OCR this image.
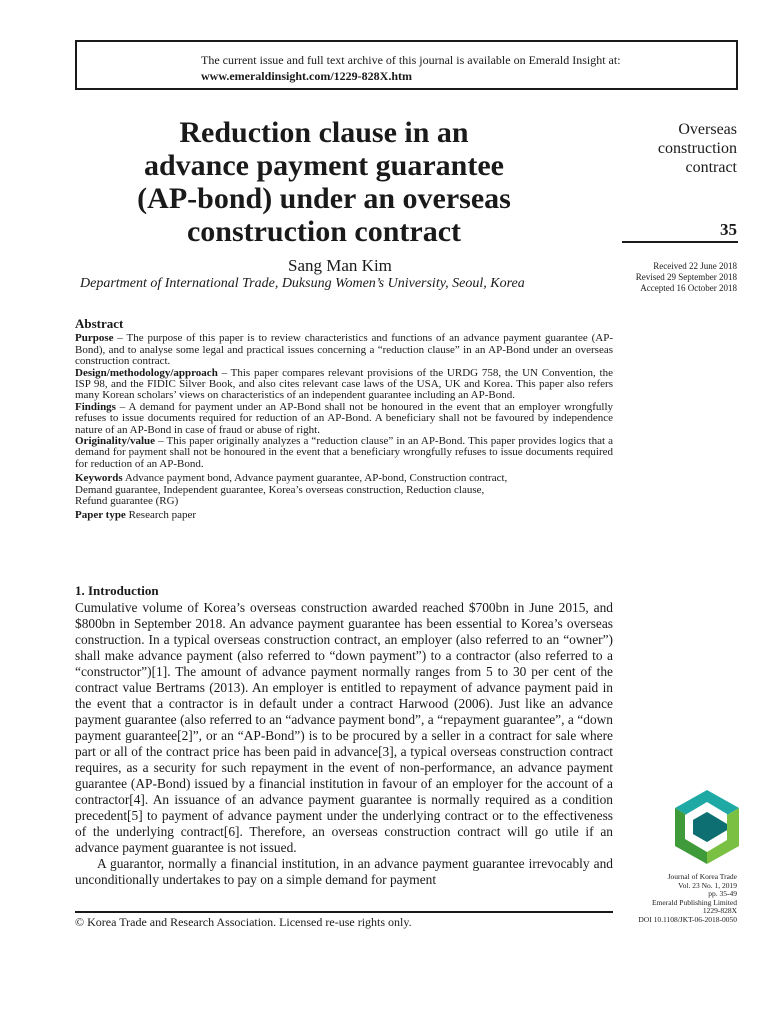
The current issue and full text archive of this journal is available on Emerald Insight at:
www.emeraldinsight.com/1229-828X.htm
Reduction clause in an
advance payment guarantee
(AP-bond) under an overseas
construction contract
Sang Man Kim
Department of International Trade, Duksung Women’s University, Seoul, Korea
Overseas
construction
contract
35
Received 22 June 2018
Revised 29 September 2018
Accepted 16 October 2018
Abstract

Purpose – The purpose of this paper is to review characteristics and functions of an advance payment guarantee (AP-Bond), and to analyse some legal and practical issues concerning a “reduction clause” in an AP-Bond under an overseas construction contract.

Design/methodology/approach – This paper compares relevant provisions of the URDG 758, the UN Convention, the ISP 98, and the FIDIC Silver Book, and also cites relevant case laws of the USA, UK and Korea. This paper also refers many Korean scholars’ views on characteristics of an independent guarantee including an AP-Bond.

Findings – A demand for payment under an AP-Bond shall not be honoured in the event that an employer wrongfully refuses to issue documents required for reduction of an AP-Bond. A beneficiary shall not be favoured by independence nature of an AP-Bond in case of fraud or abuse of right.

Originality/value – This paper originally analyzes a “reduction clause” in an AP-Bond. This paper provides logics that a demand for payment shall not be honoured in the event that a beneficiary wrongfully refuses to issue documents required for reduction of an AP-Bond.

Keywords Advance payment bond, Advance payment guarantee, AP-bond, Construction contract,
Demand guarantee, Independent guarantee, Korea’s overseas construction, Reduction clause,
Refund guarantee (RG)
Paper type Research paper
1. Introduction

Cumulative volume of Korea’s overseas construction awarded reached $700bn in June 2015, and $800bn in September 2018. An advance payment guarantee has been essential to Korea’s overseas construction. In a typical overseas construction contract, an employer (also referred to an “owner”) shall make advance payment (also referred to “down payment”) to a contractor (also referred to a “constructor”)[1]. The amount of advance payment normally ranges from 5 to 30 per cent of the contract value Bertrams (2013). An employer is entitled to repayment of advance payment paid in the event that a contractor is in default under a contract Harwood (2006). Just like an advance payment guarantee (also referred to an “advance payment bond”, a “repayment guarantee”, a “down payment guarantee[2]”, or an “AP-Bond”) is to be procured by a seller in a contract for sale where part or all of the contract price has been paid in advance[3], a typical overseas construction contract requires, as a security for such repayment in the event of non-performance, an advance payment guarantee (AP-Bond) issued by a financial institution in favour of an employer for the account of a contractor[4]. An issuance of an advance payment guarantee is normally required as a condition precedent[5] to payment of advance payment under the underlying contract or to the effectiveness of the underlying contract[6]. Therefore, an overseas construction contract will go utile if an advance payment guarantee is not issued.

A guarantor, normally a financial institution, in an advance payment guarantee irrevocably and unconditionally undertakes to pay on a simple demand for payment

© Korea Trade and Research Association. Licensed re-use rights only.
Journal of Korea Trade
Vol. 23 No. 1, 2019
pp. 35-49
Emerald Publishing Limited
1229-828X
DOI 10.1108/JKT-06-2018-0050
